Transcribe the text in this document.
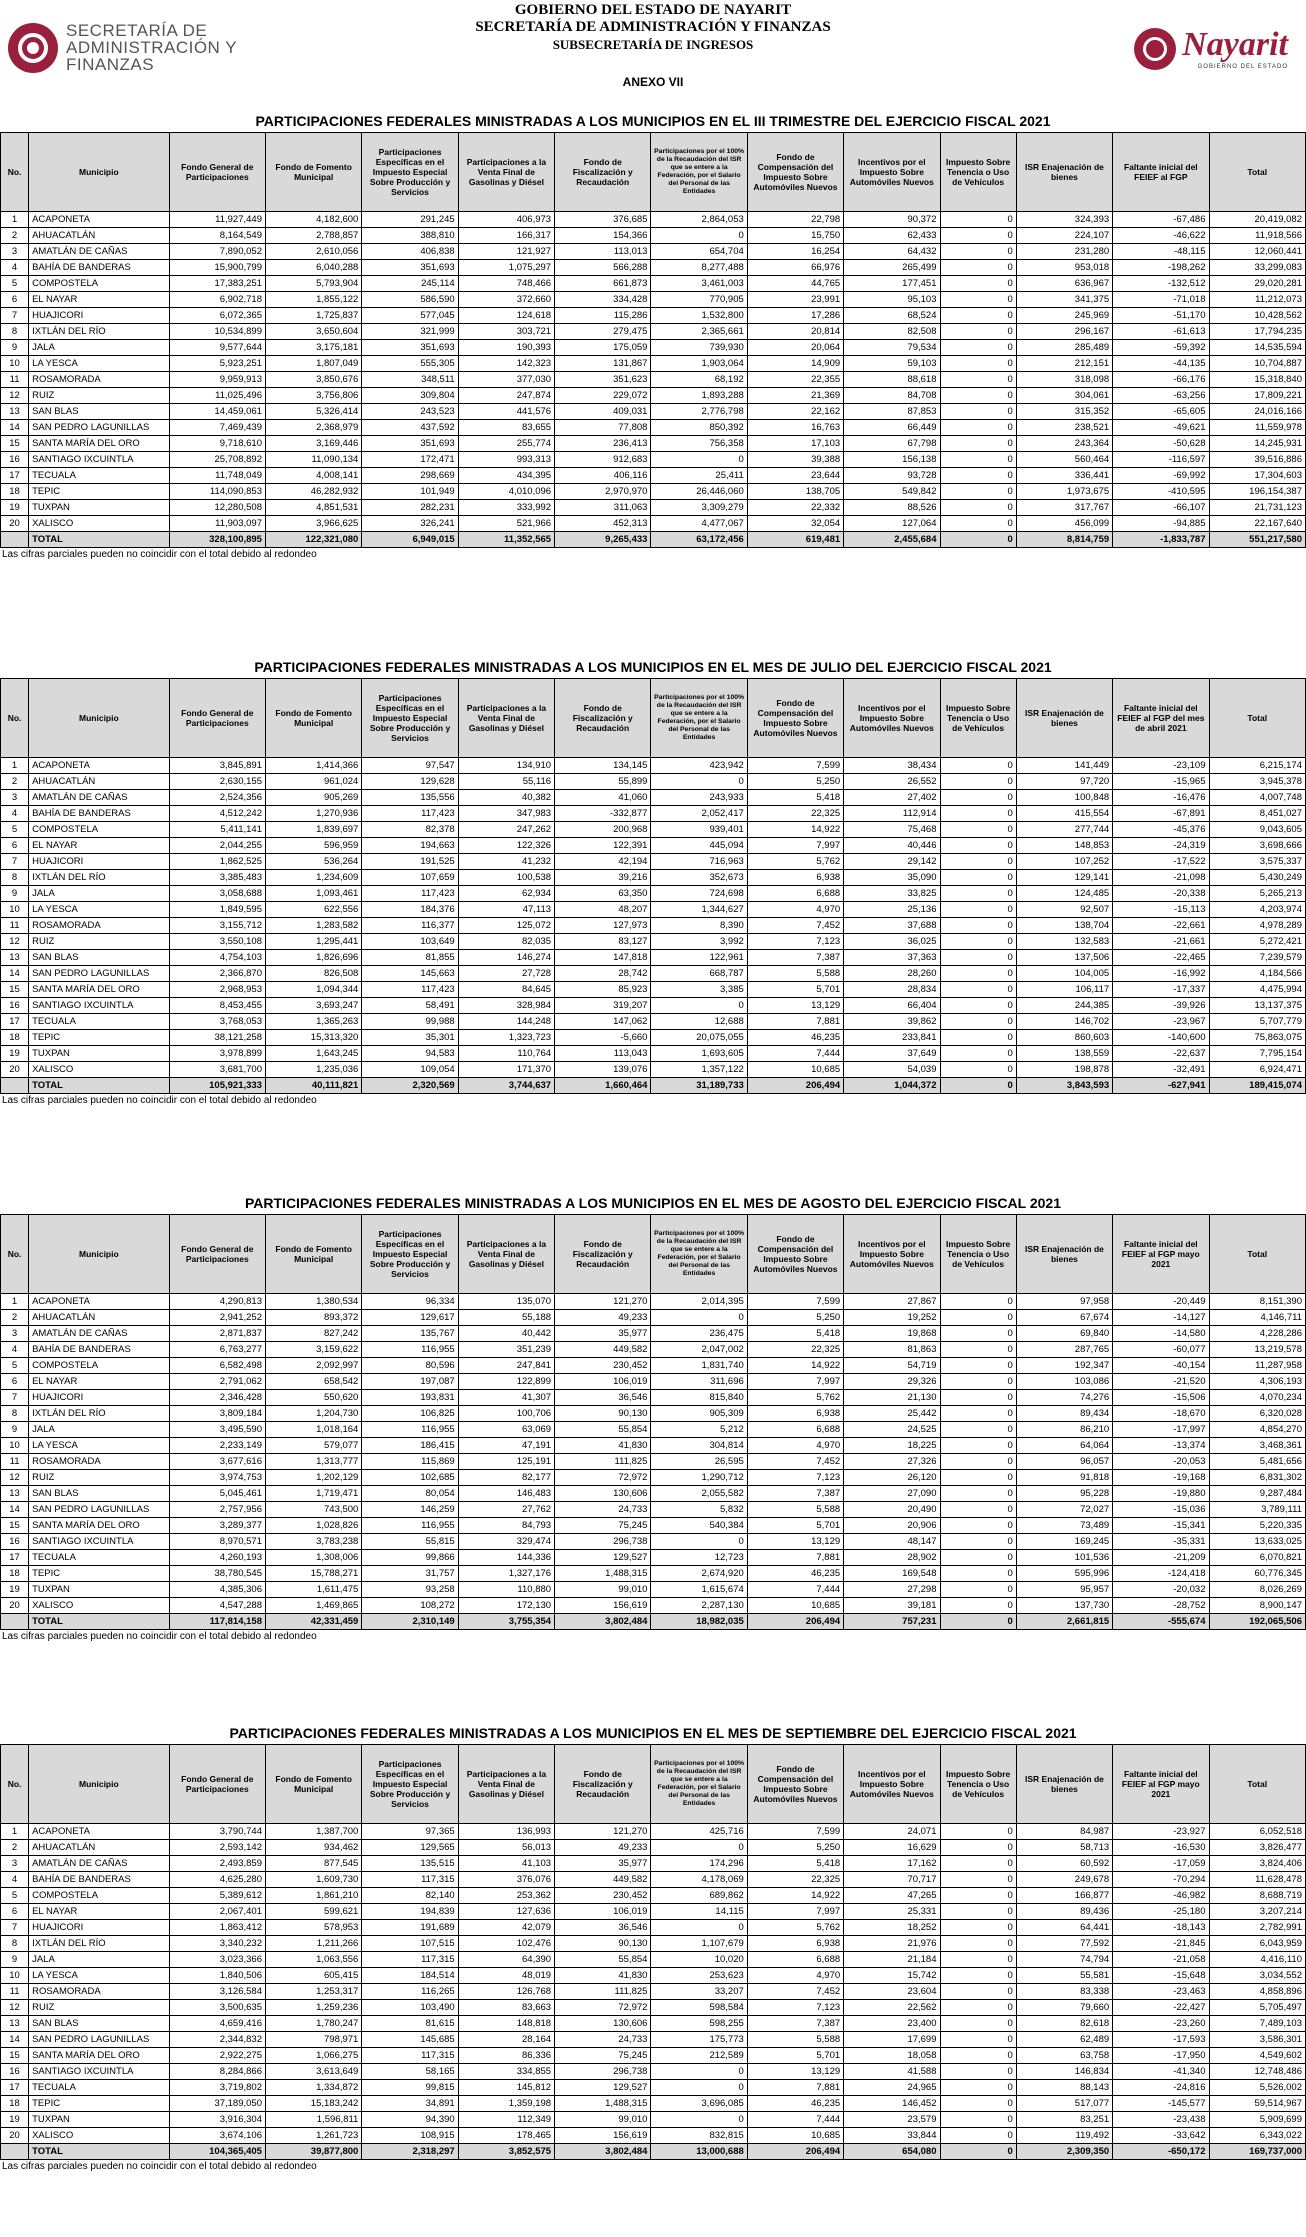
SECRETARÍA DE
ADMINISTRACIÓN Y
FINANZAS
GOBIERNO DEL ESTADO DE NAYARIT
SECRETARÍA DE ADMINISTRACIÓN Y FINANZAS
SUBSECRETARÍA DE INGRESOS
ANEXO VII
Nayarit
GOBIERNO DEL ESTADO
PARTICIPACIONES FEDERALES MINISTRADAS A LOS MUNICIPIOS EN EL III TRIMESTRE DEL EJERCICIO FISCAL 2021
No.	Municipio	Fondo General de Participaciones	Fondo de Fomento Municipal	Participaciones Específicas en el Impuesto Especial Sobre Producción y Servicios	Participaciones a la Venta Final de Gasolinas y Diésel	Fondo de Fiscalización y Recaudación	Participaciones por el 100% de la Recaudación del ISR que se entere a la Federación, por el Salario del Personal de las Entidades	Fondo de Compensación del Impuesto Sobre Automóviles Nuevos	Incentivos por el Impuesto Sobre Automóviles Nuevos	Impuesto Sobre Tenencia o Uso de Vehículos	ISR Enajenación de bienes	Faltante inicial del FEIEF al FGP	Total
1	ACAPONETA	11,927,449	4,182,600	291,245	406,973	376,685	2,864,053	22,798	90,372	0	324,393	-67,486	20,419,082
2	AHUACATLÁN	8,164,549	2,788,857	388,810	166,317	154,366	0	15,750	62,433	0	224,107	-46,622	11,918,566
3	AMATLÁN DE CAÑAS	7,890,052	2,610,056	406,838	121,927	113,013	654,704	16,254	64,432	0	231,280	-48,115	12,060,441
4	BAHÍA DE BANDERAS	15,900,799	6,040,288	351,693	1,075,297	566,288	8,277,488	66,976	265,499	0	953,018	-198,262	33,299,083
5	COMPOSTELA	17,383,251	5,793,904	245,114	748,466	661,873	3,461,003	44,765	177,451	0	636,967	-132,512	29,020,281
6	EL NAYAR	6,902,718	1,855,122	586,590	372,660	334,428	770,905	23,991	95,103	0	341,375	-71,018	11,212,073
7	HUAJICORI	6,072,365	1,725,837	577,045	124,618	115,286	1,532,800	17,286	68,524	0	245,969	-51,170	10,428,562
8	IXTLÁN DEL RÍO	10,534,899	3,650,604	321,999	303,721	279,475	2,365,661	20,814	82,508	0	296,167	-61,613	17,794,235
9	JALA	9,577,644	3,175,181	351,693	190,393	175,059	739,930	20,064	79,534	0	285,489	-59,392	14,535,594
10	LA YESCA	5,923,251	1,807,049	555,305	142,323	131,867	1,903,064	14,909	59,103	0	212,151	-44,135	10,704,887
11	ROSAMORADA	9,959,913	3,850,676	348,511	377,030	351,623	68,192	22,355	88,618	0	318,098	-66,176	15,318,840
12	RUIZ	11,025,496	3,756,806	309,804	247,874	229,072	1,893,288	21,369	84,708	0	304,061	-63,256	17,809,221
13	SAN BLAS	14,459,061	5,326,414	243,523	441,576	409,031	2,776,798	22,162	87,853	0	315,352	-65,605	24,016,166
14	SAN PEDRO LAGUNILLAS	7,469,439	2,368,979	437,592	83,655	77,808	850,392	16,763	66,449	0	238,521	-49,621	11,559,978
15	SANTA MARÍA DEL ORO	9,718,610	3,169,446	351,693	255,774	236,413	756,358	17,103	67,798	0	243,364	-50,628	14,245,931
16	SANTIAGO IXCUINTLA	25,708,892	11,090,134	172,471	993,313	912,683	0	39,388	156,138	0	560,464	-116,597	39,516,886
17	TECUALA	11,748,049	4,008,141	298,669	434,395	406,116	25,411	23,644	93,728	0	336,441	-69,992	17,304,603
18	TEPIC	114,090,853	46,282,932	101,949	4,010,096	2,970,970	26,446,060	138,705	549,842	0	1,973,675	-410,595	196,154,387
19	TUXPAN	12,280,508	4,851,531	282,231	333,992	311,063	3,309,279	22,332	88,526	0	317,767	-66,107	21,731,123
20	XALISCO	11,903,097	3,966,625	326,241	521,966	452,313	4,477,067	32,054	127,064	0	456,099	-94,885	22,167,640
	TOTAL	328,100,895	122,321,080	6,949,015	11,352,565	9,265,433	63,172,456	619,481	2,455,684	0	8,814,759	-1,833,787	551,217,580
Las cifras parciales pueden no coincidir con el total debido al redondeo
PARTICIPACIONES FEDERALES MINISTRADAS A LOS MUNICIPIOS EN EL MES DE JULIO DEL EJERCICIO FISCAL 2021
No.	Municipio	Fondo General de Participaciones	Fondo de Fomento Municipal	Participaciones Específicas en el Impuesto Especial Sobre Producción y Servicios	Participaciones a la Venta Final de Gasolinas y Diésel	Fondo de Fiscalización y Recaudación	Participaciones por el 100% de la Recaudación del ISR que se entere a la Federación, por el Salario del Personal de las Entidades	Fondo de Compensación del Impuesto Sobre Automóviles Nuevos	Incentivos por el Impuesto Sobre Automóviles Nuevos	Impuesto Sobre Tenencia o Uso de Vehículos	ISR Enajenación de bienes	Faltante inicial del FEIEF al FGP del mes de abril 2021	Total
1	ACAPONETA	3,845,891	1,414,366	97,547	134,910	134,145	423,942	7,599	38,434	0	141,449	-23,109	6,215,174
2	AHUACATLÁN	2,630,155	961,024	129,628	55,116	55,899	0	5,250	26,552	0	97,720	-15,965	3,945,378
3	AMATLÁN DE CAÑAS	2,524,356	905,269	135,556	40,382	41,060	243,933	5,418	27,402	0	100,848	-16,476	4,007,748
4	BAHÍA DE BANDERAS	4,512,242	1,270,936	117,423	347,983	-332,877	2,052,417	22,325	112,914	0	415,554	-67,891	8,451,027
5	COMPOSTELA	5,411,141	1,839,697	82,378	247,262	200,968	939,401	14,922	75,468	0	277,744	-45,376	9,043,605
6	EL NAYAR	2,044,255	596,959	194,663	122,326	122,391	445,094	7,997	40,446	0	148,853	-24,319	3,698,666
7	HUAJICORI	1,862,525	536,264	191,525	41,232	42,194	716,963	5,762	29,142	0	107,252	-17,522	3,575,337
8	IXTLÁN DEL RÍO	3,385,483	1,234,609	107,659	100,538	39,216	352,673	6,938	35,090	0	129,141	-21,098	5,430,249
9	JALA	3,058,688	1,093,461	117,423	62,934	63,350	724,698	6,688	33,825	0	124,485	-20,338	5,265,213
10	LA YESCA	1,849,595	622,556	184,376	47,113	48,207	1,344,627	4,970	25,136	0	92,507	-15,113	4,203,974
11	ROSAMORADA	3,155,712	1,283,582	116,377	125,072	127,973	8,390	7,452	37,688	0	138,704	-22,661	4,978,289
12	RUIZ	3,550,108	1,295,441	103,649	82,035	83,127	3,992	7,123	36,025	0	132,583	-21,661	5,272,421
13	SAN BLAS	4,754,103	1,826,696	81,855	146,274	147,818	122,961	7,387	37,363	0	137,506	-22,465	7,239,579
14	SAN PEDRO LAGUNILLAS	2,366,870	826,508	145,663	27,728	28,742	668,787	5,588	28,260	0	104,005	-16,992	4,184,566
15	SANTA MARÍA DEL ORO	2,968,953	1,094,344	117,423	84,645	85,923	3,385	5,701	28,834	0	106,117	-17,337	4,475,994
16	SANTIAGO IXCUINTLA	8,453,455	3,693,247	58,491	328,984	319,207	0	13,129	66,404	0	244,385	-39,926	13,137,375
17	TECUALA	3,768,053	1,365,263	99,988	144,248	147,062	12,688	7,881	39,862	0	146,702	-23,967	5,707,779
18	TEPIC	38,121,258	15,313,320	35,301	1,323,723	-5,660	20,075,055	46,235	233,841	0	860,603	-140,600	75,863,075
19	TUXPAN	3,978,899	1,643,245	94,583	110,764	113,043	1,693,605	7,444	37,649	0	138,559	-22,637	7,795,154
20	XALISCO	3,681,700	1,235,036	109,054	171,370	139,076	1,357,122	10,685	54,039	0	198,878	-32,491	6,924,471
	TOTAL	105,921,333	40,111,821	2,320,569	3,744,637	1,660,464	31,189,733	206,494	1,044,372	0	3,843,593	-627,941	189,415,074
Las cifras parciales pueden no coincidir con el total debido al redondeo
PARTICIPACIONES FEDERALES MINISTRADAS A LOS MUNICIPIOS EN EL MES DE AGOSTO DEL EJERCICIO FISCAL 2021
No.	Municipio	Fondo General de Participaciones	Fondo de Fomento Municipal	Participaciones Específicas en el Impuesto Especial Sobre Producción y Servicios	Participaciones a la Venta Final de Gasolinas y Diésel	Fondo de Fiscalización y Recaudación	Participaciones por el 100% de la Recaudación del ISR que se entere a la Federación, por el Salario del Personal de las Entidades	Fondo de Compensación del Impuesto Sobre Automóviles Nuevos	Incentivos por el Impuesto Sobre Automóviles Nuevos	Impuesto Sobre Tenencia o Uso de Vehículos	ISR Enajenación de bienes	Faltante inicial del FEIEF al FGP mayo 2021	Total
1	ACAPONETA	4,290,813	1,380,534	96,334	135,070	121,270	2,014,395	7,599	27,867	0	97,958	-20,449	8,151,390
2	AHUACATLÁN	2,941,252	893,372	129,617	55,188	49,233	0	5,250	19,252	0	67,674	-14,127	4,146,711
3	AMATLÁN DE CAÑAS	2,871,837	827,242	135,767	40,442	35,977	236,475	5,418	19,868	0	69,840	-14,580	4,228,286
4	BAHÍA DE BANDERAS	6,763,277	3,159,622	116,955	351,239	449,582	2,047,002	22,325	81,863	0	287,765	-60,077	13,219,578
5	COMPOSTELA	6,582,498	2,092,997	80,596	247,841	230,452	1,831,740	14,922	54,719	0	192,347	-40,154	11,287,958
6	EL NAYAR	2,791,062	658,542	197,087	122,899	106,019	311,696	7,997	29,326	0	103,086	-21,520	4,306,193
7	HUAJICORI	2,346,428	550,620	193,831	41,307	36,546	815,840	5,762	21,130	0	74,276	-15,506	4,070,234
8	IXTLÁN DEL RÍO	3,809,184	1,204,730	106,825	100,706	90,130	905,309	6,938	25,442	0	89,434	-18,670	6,320,028
9	JALA	3,495,590	1,018,164	116,955	63,069	55,854	5,212	6,688	24,525	0	86,210	-17,997	4,854,270
10	LA YESCA	2,233,149	579,077	186,415	47,191	41,830	304,814	4,970	18,225	0	64,064	-13,374	3,468,361
11	ROSAMORADA	3,677,616	1,313,777	115,869	125,191	111,825	26,595	7,452	27,326	0	96,057	-20,053	5,481,656
12	RUIZ	3,974,753	1,202,129	102,685	82,177	72,972	1,290,712	7,123	26,120	0	91,818	-19,168	6,831,302
13	SAN BLAS	5,045,461	1,719,471	80,054	146,483	130,606	2,055,582	7,387	27,090	0	95,228	-19,880	9,287,484
14	SAN PEDRO LAGUNILLAS	2,757,956	743,500	146,259	27,762	24,733	5,832	5,588	20,490	0	72,027	-15,036	3,789,111
15	SANTA MARÍA DEL ORO	3,289,377	1,028,826	116,955	84,793	75,245	540,384	5,701	20,906	0	73,489	-15,341	5,220,335
16	SANTIAGO IXCUINTLA	8,970,571	3,783,238	55,815	329,474	296,738	0	13,129	48,147	0	169,245	-35,331	13,633,025
17	TECUALA	4,260,193	1,308,006	99,866	144,336	129,527	12,723	7,881	28,902	0	101,536	-21,209	6,070,821
18	TEPIC	38,780,545	15,788,271	31,757	1,327,176	1,488,315	2,674,920	46,235	169,548	0	595,996	-124,418	60,776,345
19	TUXPAN	4,385,306	1,611,475	93,258	110,880	99,010	1,615,674	7,444	27,298	0	95,957	-20,032	8,026,269
20	XALISCO	4,547,288	1,469,865	108,272	172,130	156,619	2,287,130	10,685	39,181	0	137,730	-28,752	8,900,147
	TOTAL	117,814,158	42,331,459	2,310,149	3,755,354	3,802,484	18,982,035	206,494	757,231	0	2,661,815	-555,674	192,065,506
Las cifras parciales pueden no coincidir con el total debido al redondeo
PARTICIPACIONES FEDERALES MINISTRADAS A LOS MUNICIPIOS EN EL MES DE SEPTIEMBRE DEL EJERCICIO FISCAL 2021
No.	Municipio	Fondo General de Participaciones	Fondo de Fomento Municipal	Participaciones Específicas en el Impuesto Especial Sobre Producción y Servicios	Participaciones a la Venta Final de Gasolinas y Diésel	Fondo de Fiscalización y Recaudación	Participaciones por el 100% de la Recaudación del ISR que se entere a la Federación, por el Salario del Personal de las Entidades	Fondo de Compensación del Impuesto Sobre Automóviles Nuevos	Incentivos por el Impuesto Sobre Automóviles Nuevos	Impuesto Sobre Tenencia o Uso de Vehículos	ISR Enajenación de bienes	Faltante inicial del FEIEF al FGP mayo 2021	Total
1	ACAPONETA	3,790,744	1,387,700	97,365	136,993	121,270	425,716	7,599	24,071	0	84,987	-23,927	6,052,518
2	AHUACATLÁN	2,593,142	934,462	129,565	56,013	49,233	0	5,250	16,629	0	58,713	-16,530	3,826,477
3	AMATLÁN DE CAÑAS	2,493,859	877,545	135,515	41,103	35,977	174,296	5,418	17,162	0	60,592	-17,059	3,824,406
4	BAHÍA DE BANDERAS	4,625,280	1,609,730	117,315	376,076	449,582	4,178,069	22,325	70,717	0	249,678	-70,294	11,628,478
5	COMPOSTELA	5,389,612	1,861,210	82,140	253,362	230,452	689,862	14,922	47,265	0	166,877	-46,982	8,688,719
6	EL NAYAR	2,067,401	599,621	194,839	127,636	106,019	14,115	7,997	25,331	0	89,436	-25,180	3,207,214
7	HUAJICORI	1,863,412	578,953	191,689	42,079	36,546	0	5,762	18,252	0	64,441	-18,143	2,782,991
8	IXTLÁN DEL RÍO	3,340,232	1,211,266	107,515	102,476	90,130	1,107,679	6,938	21,976	0	77,592	-21,845	6,043,959
9	JALA	3,023,366	1,063,556	117,315	64,390	55,854	10,020	6,688	21,184	0	74,794	-21,058	4,416,110
10	LA YESCA	1,840,506	605,415	184,514	48,019	41,830	253,623	4,970	15,742	0	55,581	-15,648	3,034,552
11	ROSAMORADA	3,126,584	1,253,317	116,265	126,768	111,825	33,207	7,452	23,604	0	83,338	-23,463	4,858,896
12	RUIZ	3,500,635	1,259,236	103,490	83,663	72,972	598,584	7,123	22,562	0	79,660	-22,427	5,705,497
13	SAN BLAS	4,659,416	1,780,247	81,615	148,818	130,606	598,255	7,387	23,400	0	82,618	-23,260	7,489,103
14	SAN PEDRO LAGUNILLAS	2,344,832	798,971	145,685	28,164	24,733	175,773	5,588	17,699	0	62,489	-17,593	3,586,301
15	SANTA MARÍA DEL ORO	2,922,275	1,066,275	117,315	86,336	75,245	212,589	5,701	18,058	0	63,758	-17,950	4,549,602
16	SANTIAGO IXCUINTLA	8,284,866	3,613,649	58,165	334,855	296,738	0	13,129	41,588	0	146,834	-41,340	12,748,486
17	TECUALA	3,719,802	1,334,872	99,815	145,812	129,527	0	7,881	24,965	0	88,143	-24,816	5,526,002
18	TEPIC	37,189,050	15,183,242	34,891	1,359,198	1,488,315	3,696,085	46,235	146,452	0	517,077	-145,577	59,514,967
19	TUXPAN	3,916,304	1,596,811	94,390	112,349	99,010	0	7,444	23,579	0	83,251	-23,438	5,909,699
20	XALISCO	3,674,106	1,261,723	108,915	178,465	156,619	832,815	10,685	33,844	0	119,492	-33,642	6,343,022
	TOTAL	104,365,405	39,877,800	2,318,297	3,852,575	3,802,484	13,000,688	206,494	654,080	0	2,309,350	-650,172	169,737,000
Las cifras parciales pueden no coincidir con el total debido al redondeo
